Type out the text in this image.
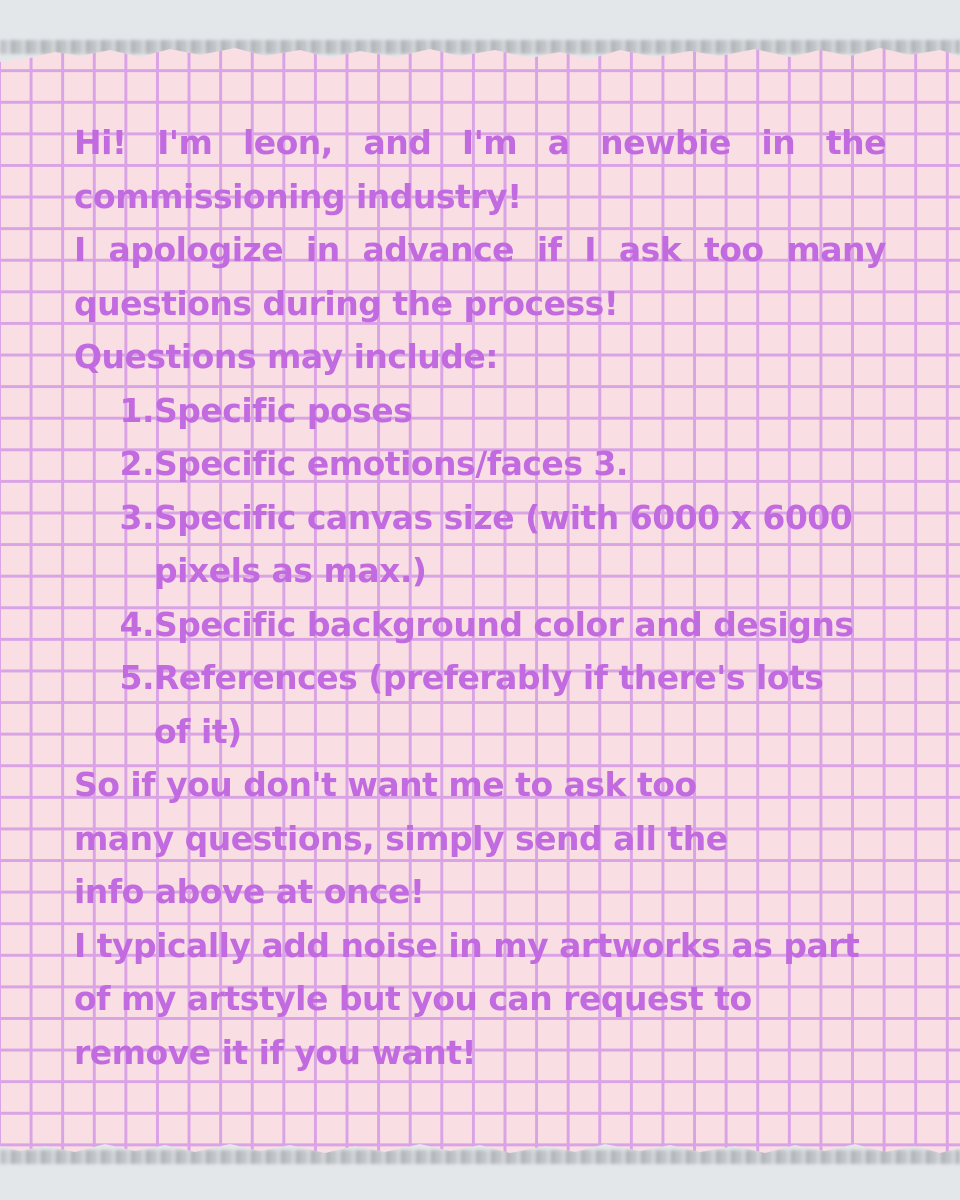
Hi! I'm leon, and I'm a newbie in the commissioning industry!

I apologize in advance if I ask too many questions during the process!

Questions may include:

1. Specific poses
2. Specific emotions/faces 3.
3. Specific canvas size (with 6000 x 6000 pixels as max.)
4. Specific background color and designs
5. References (preferably if there's lots of it)

So if you don't want me to ask too many questions, simply send all the info above at once!

I typically add noise in my artworks as part of my artstyle but you can request to remove it if you want!
